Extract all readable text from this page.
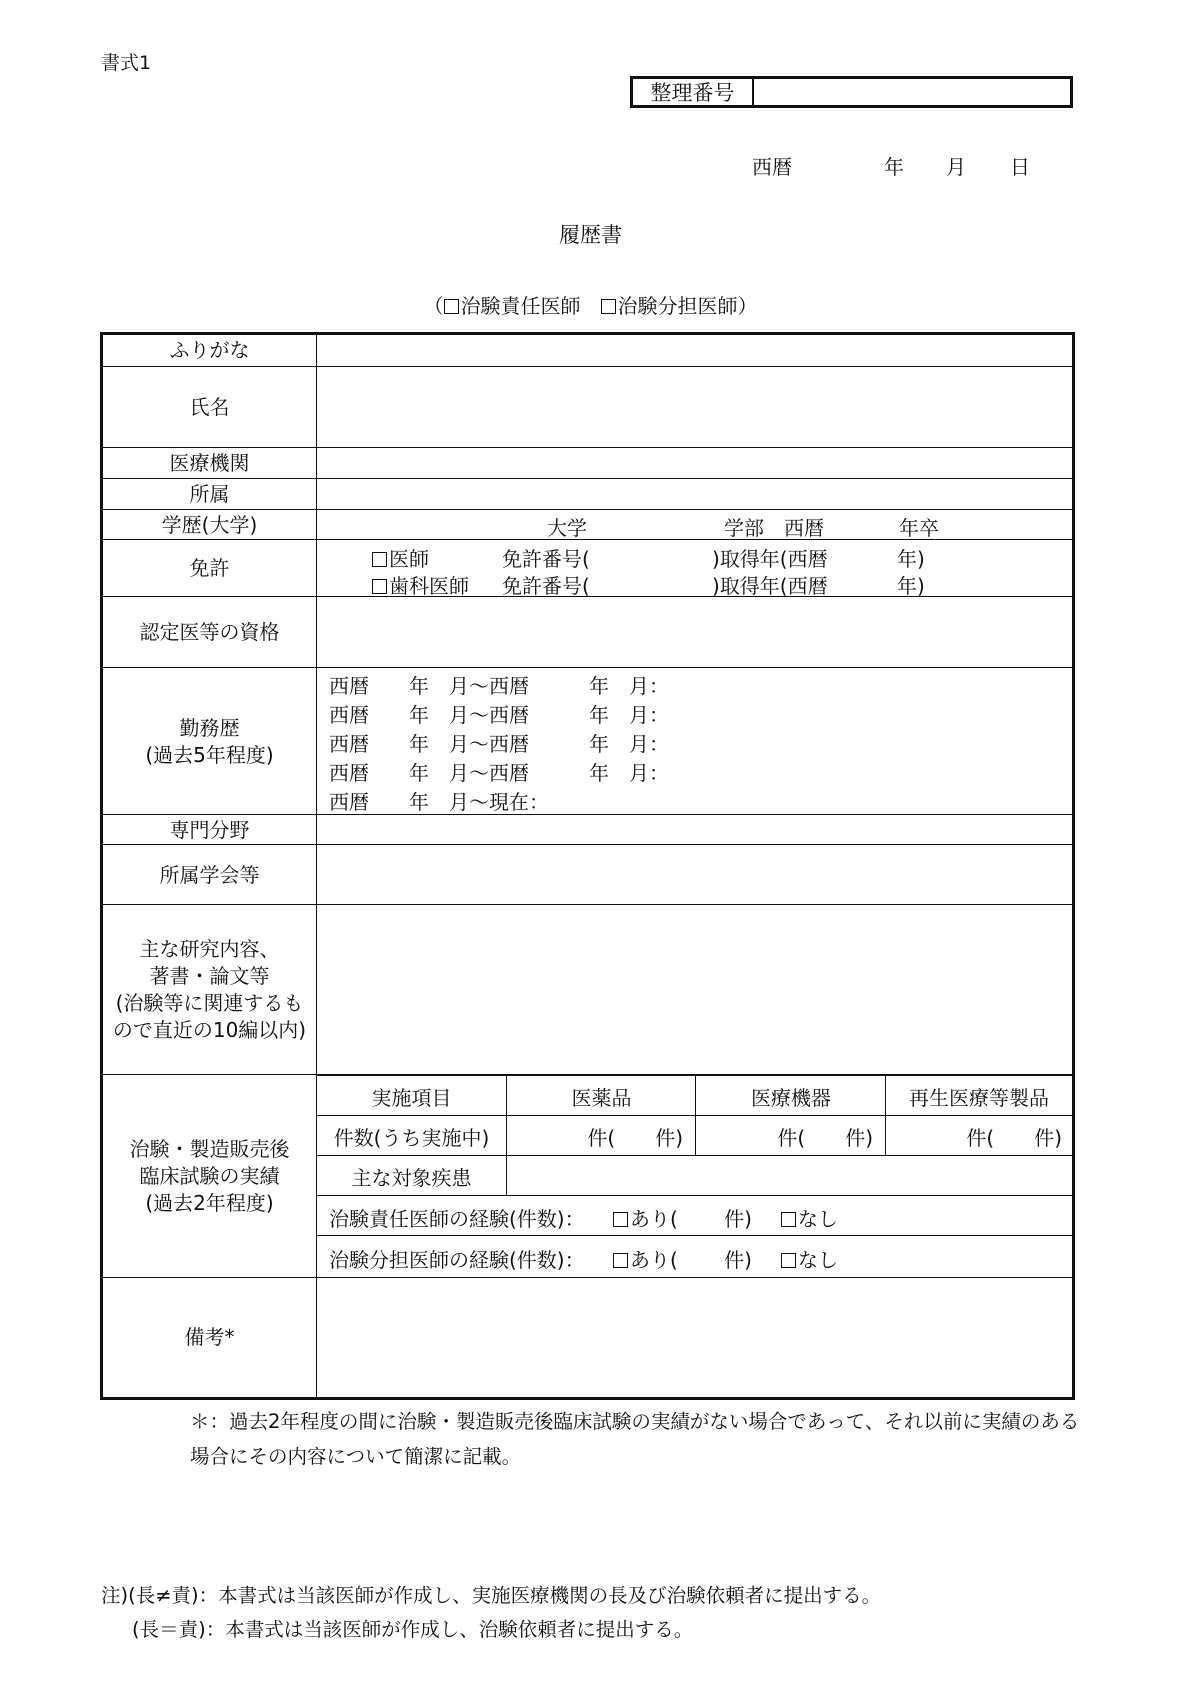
書式1
整理番号
西暦	年 月 日
履歴書
（ 治験責任医師　 治験分担医師）
ふりがな
氏名
医療機関
所属
学歴(大学)	大学	学部　西暦	年卒
免許	医師	免許番号(	)取得年(西暦	年)
歯科医師 免許番号(	)取得年(西暦	年)
認定医等の資格
勤務歴
(過去5年程度)
西暦　　年　月〜西暦　　　年　月：
西暦　　年　月〜西暦　　　年　月：
西暦　　年　月〜西暦　　　年　月：
西暦　　年　月〜西暦　　　年　月：
西暦　　年　月〜現在：
専門分野
所属学会等
主な研究内容、
著書・論文等
(治験等に関連するも
ので直近の10編以内)
治験・製造販売後
臨床試験の実績
(過去2年程度)
実施項目	医薬品	医療機器	再生医療等製品
件数(うち実施中)	件(　　件)	件(　　件)	件(　　件)
主な対象疾患
治験責任医師の経験(件数)：	あり(　　 件)	なし
治験分担医師の経験(件数)：	あり(　　 件)	なし
備考*
＊：過去2年程度の間に治験・製造販売後臨床試験の実績がない場合であって、それ以前に実績のある場合にその内容について簡潔に記載。
注)(長≠責)：本書式は当該医師が作成し、実施医療機関の長及び治験依頼者に提出する。
(長＝責)：本書式は当該医師が作成し、治験依頼者に提出する。
